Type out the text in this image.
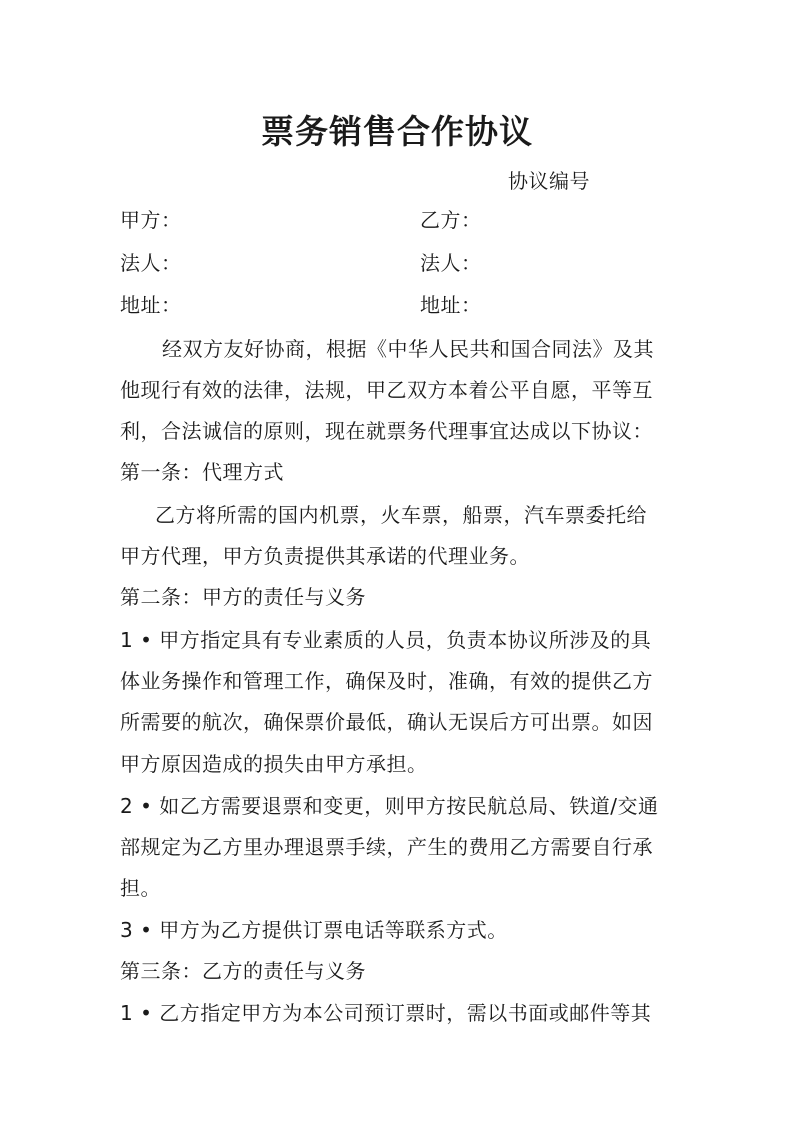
票务销售合作协议
协议编号
甲方：	乙方：
法人：	法人：
地址：	地址：
经双方友好协商，根据《中华人民共和国合同法》及其
他现行有效的法律，法规，甲乙双方本着公平自愿，平等互
利，合法诚信的原则，现在就票务代理事宜达成以下协议：
第一条：代理方式
乙方将所需的国内机票，火车票，船票，汽车票委托给
甲方代理，甲方负责提供其承诺的代理业务。
第二条：甲方的责任与义务
1 • 甲方指定具有专业素质的人员，负责本协议所涉及的具
体业务操作和管理工作，确保及时，准确，有效的提供乙方
所需要的航次，确保票价最低，确认无误后方可出票。如因
甲方原因造成的损失由甲方承担。
2 • 如乙方需要退票和变更，则甲方按民航总局、铁道/交通
部规定为乙方里办理退票手续，产生的费用乙方需要自行承
担。
3 • 甲方为乙方提供订票电话等联系方式。
第三条：乙方的责任与义务
1 • 乙方指定甲方为本公司预订票时，需以书面或邮件等其
